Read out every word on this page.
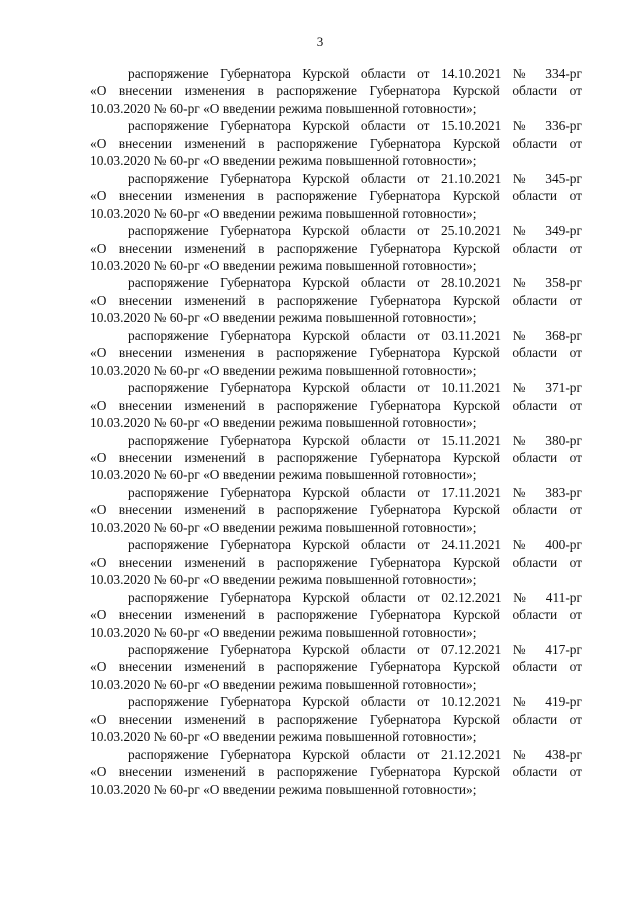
3
распоряжение Губернатора Курской области от 14.10.2021 № 334-рг
«О внесении изменения в распоряжение Губернатора Курской области от
10.03.2020 № 60-рг «О введении режима повышенной готовности»;
распоряжение Губернатора Курской области от 15.10.2021 № 336-рг
«О внесении изменений в распоряжение Губернатора Курской области от
10.03.2020 № 60-рг «О введении режима повышенной готовности»;
распоряжение Губернатора Курской области от 21.10.2021 № 345-рг
«О внесении изменения в распоряжение Губернатора Курской области от
10.03.2020 № 60-рг «О введении режима повышенной готовности»;
распоряжение Губернатора Курской области от 25.10.2021 № 349-рг
«О внесении изменений в распоряжение Губернатора Курской области от
10.03.2020 № 60-рг «О введении режима повышенной готовности»;
распоряжение Губернатора Курской области от 28.10.2021 № 358-рг
«О внесении изменений в распоряжение Губернатора Курской области от
10.03.2020 № 60-рг «О введении режима повышенной готовности»;
распоряжение Губернатора Курской области от 03.11.2021 № 368-рг
«О внесении изменения в распоряжение Губернатора Курской области от
10.03.2020 № 60-рг «О введении режима повышенной готовности»;
распоряжение Губернатора Курской области от 10.11.2021 № 371-рг
«О внесении изменений в распоряжение Губернатора Курской области от
10.03.2020 № 60-рг «О введении режима повышенной готовности»;
распоряжение Губернатора Курской области от 15.11.2021 № 380-рг
«О внесении изменений в распоряжение Губернатора Курской области от
10.03.2020 № 60-рг «О введении режима повышенной готовности»;
распоряжение Губернатора Курской области от 17.11.2021 № 383-рг
«О внесении изменений в распоряжение Губернатора Курской области от
10.03.2020 № 60-рг «О введении режима повышенной готовности»;
распоряжение Губернатора Курской области от 24.11.2021 № 400-рг
«О внесении изменений в распоряжение Губернатора Курской области от
10.03.2020 № 60-рг «О введении режима повышенной готовности»;
распоряжение Губернатора Курской области от 02.12.2021 № 411-рг
«О внесении изменений в распоряжение Губернатора Курской области от
10.03.2020 № 60-рг «О введении режима повышенной готовности»;
распоряжение Губернатора Курской области от 07.12.2021 № 417-рг
«О внесении изменений в распоряжение Губернатора Курской области от
10.03.2020 № 60-рг «О введении режима повышенной готовности»;
распоряжение Губернатора Курской области от 10.12.2021 № 419-рг
«О внесении изменений в распоряжение Губернатора Курской области от
10.03.2020 № 60-рг «О введении режима повышенной готовности»;
распоряжение Губернатора Курской области от 21.12.2021 № 438-рг
«О внесении изменений в распоряжение Губернатора Курской области от
10.03.2020 № 60-рг «О введении режима повышенной готовности»;
